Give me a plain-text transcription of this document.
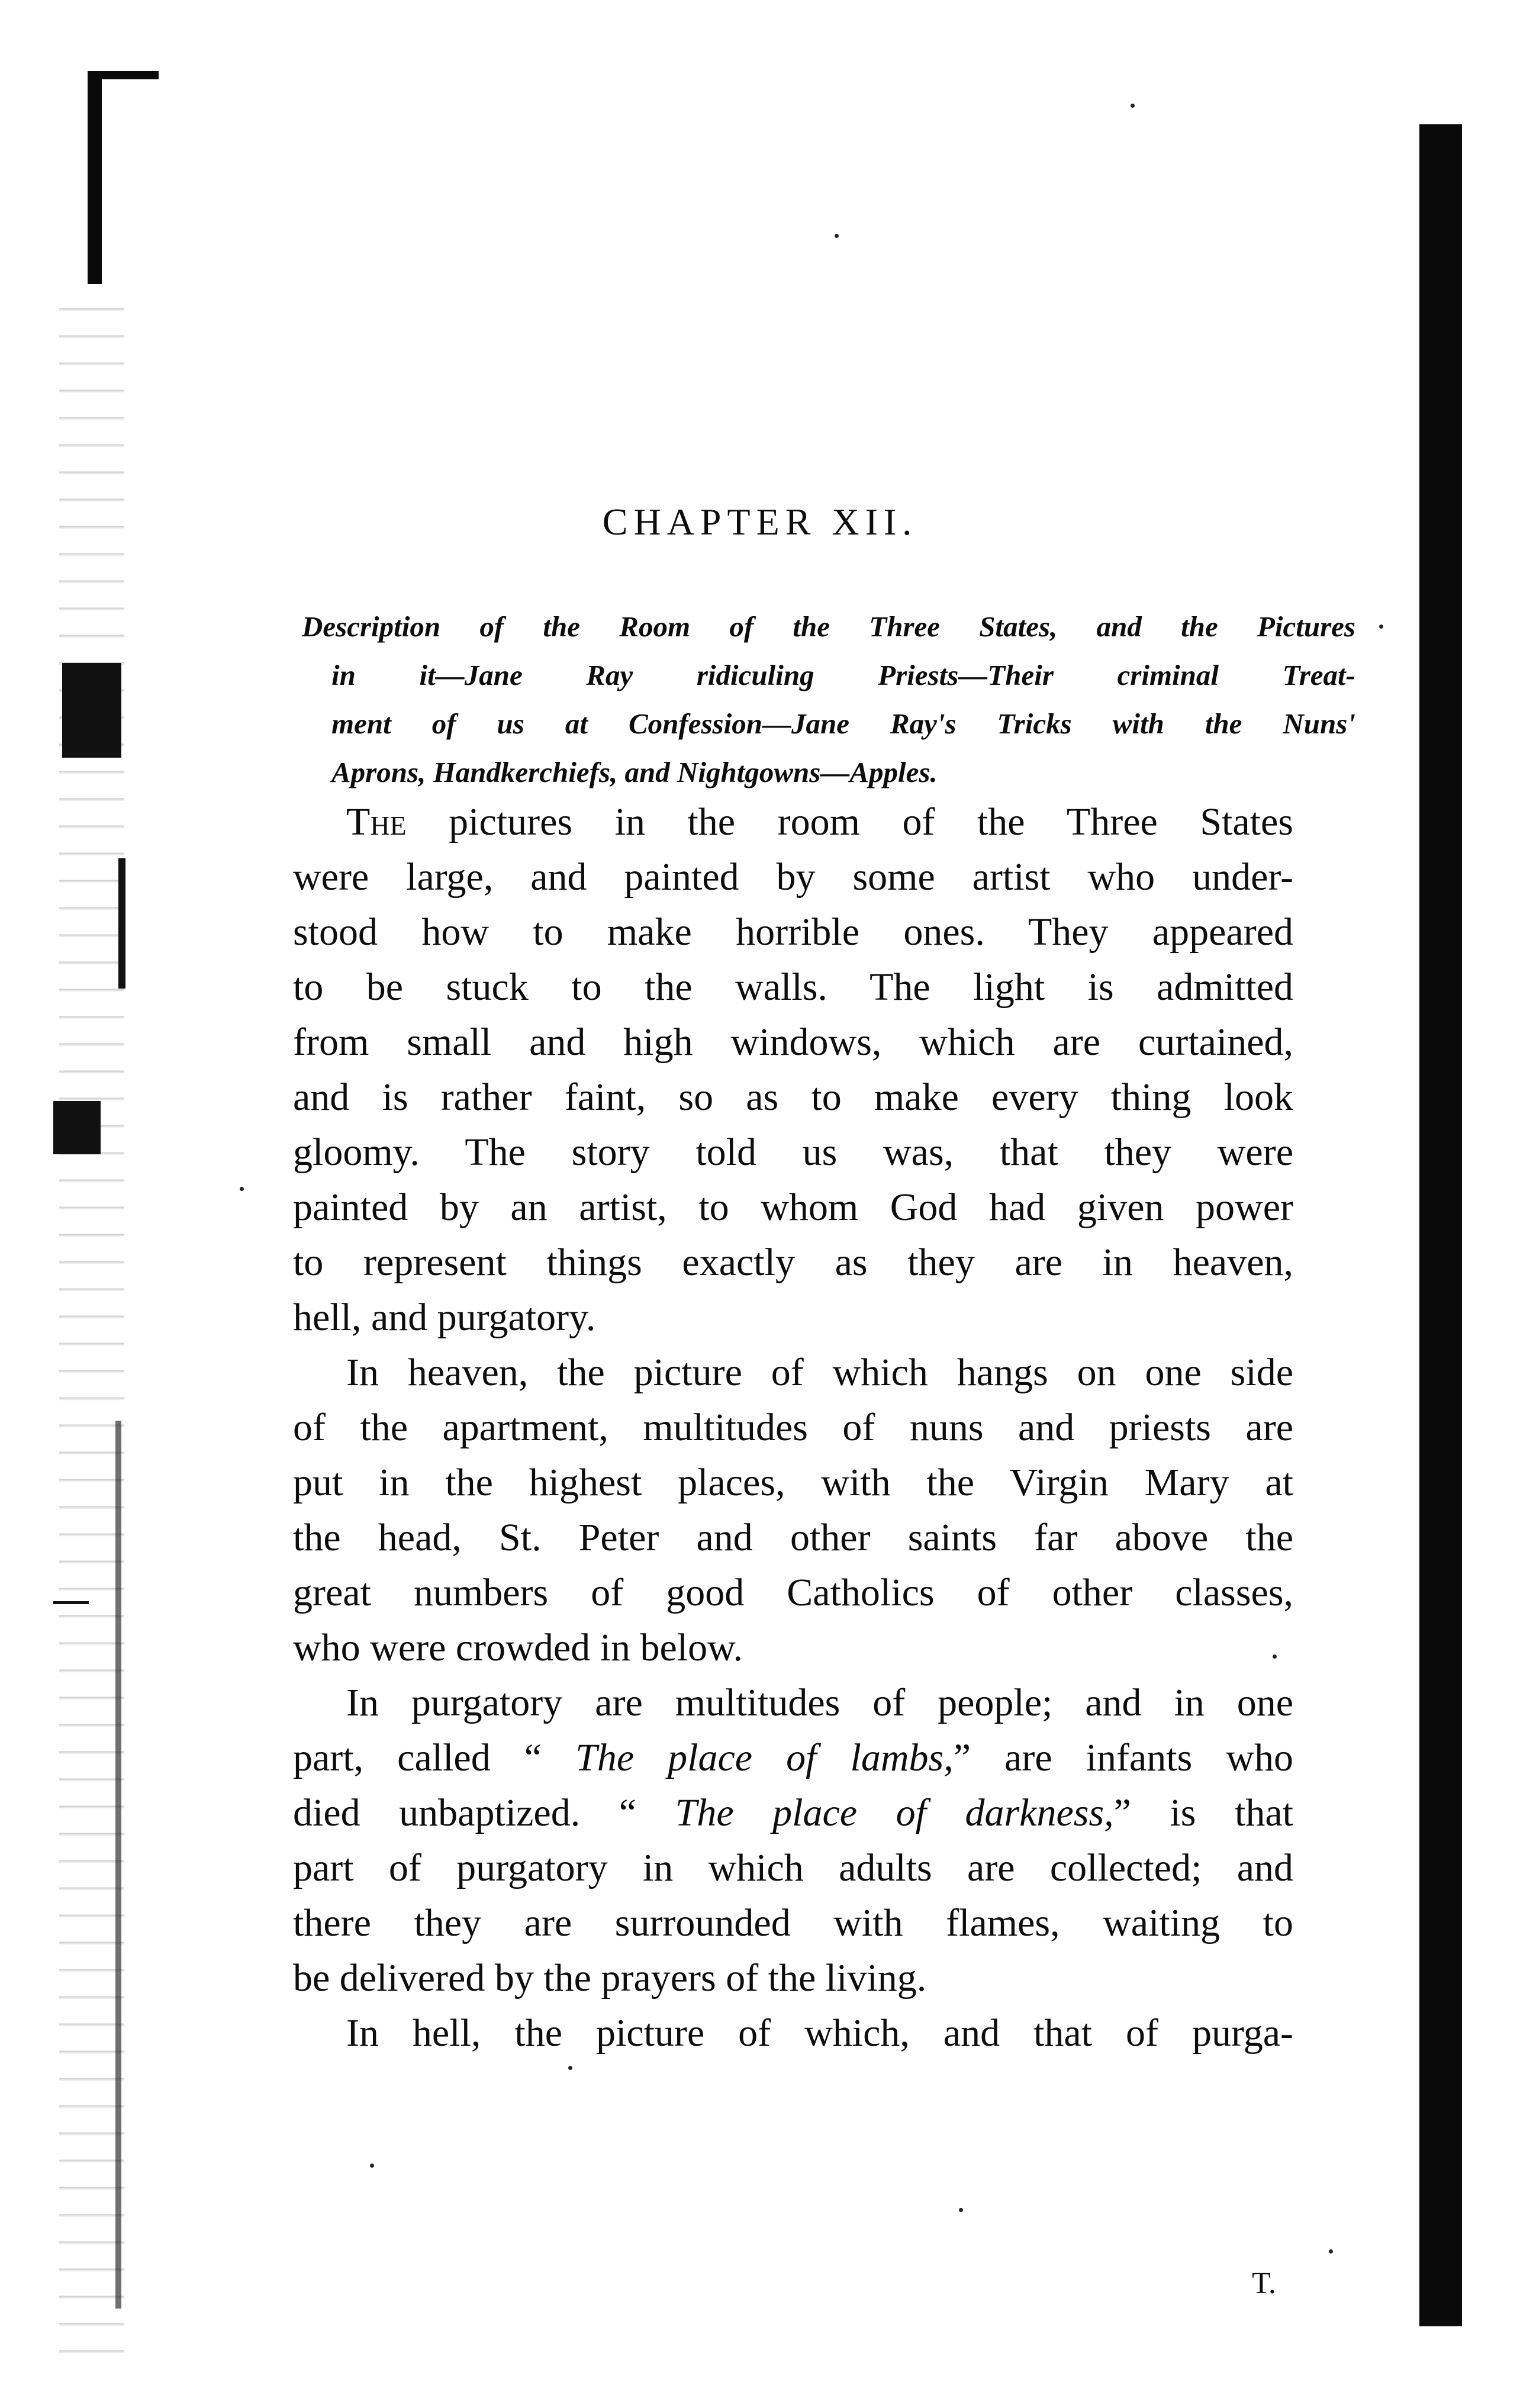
CHAPTER XII.
Description of the Room of the Three States, and the Pictures
in it—Jane Ray ridiculing Priests—Their criminal Treat-
ment of us at Confession—Jane Ray's Tricks with the Nuns'
Aprons, Handkerchiefs, and Nightgowns—Apples.
The pictures in the room of the Three States
were large, and painted by some artist who under-
stood how to make horrible ones. They appeared
to be stuck to the walls. The light is admitted
from small and high windows, which are curtained,
and is rather faint, so as to make every thing look
gloomy. The story told us was, that they were
painted by an artist, to whom God had given power
to represent things exactly as they are in heaven,
hell, and purgatory.
In heaven, the picture of which hangs on one side
of the apartment, multitudes of nuns and priests are
put in the highest places, with the Virgin Mary at
the head, St. Peter and other saints far above the
great numbers of good Catholics of other classes,
who were crowded in below.
In purgatory are multitudes of people; and in one
part, called “ The place of lambs,” are infants who
died unbaptized. “ The place of darkness,” is that
part of purgatory in which adults are collected; and
there they are surrounded with flames, waiting to
be delivered by the prayers of the living.
In hell, the picture of which, and that of purga-
T.
